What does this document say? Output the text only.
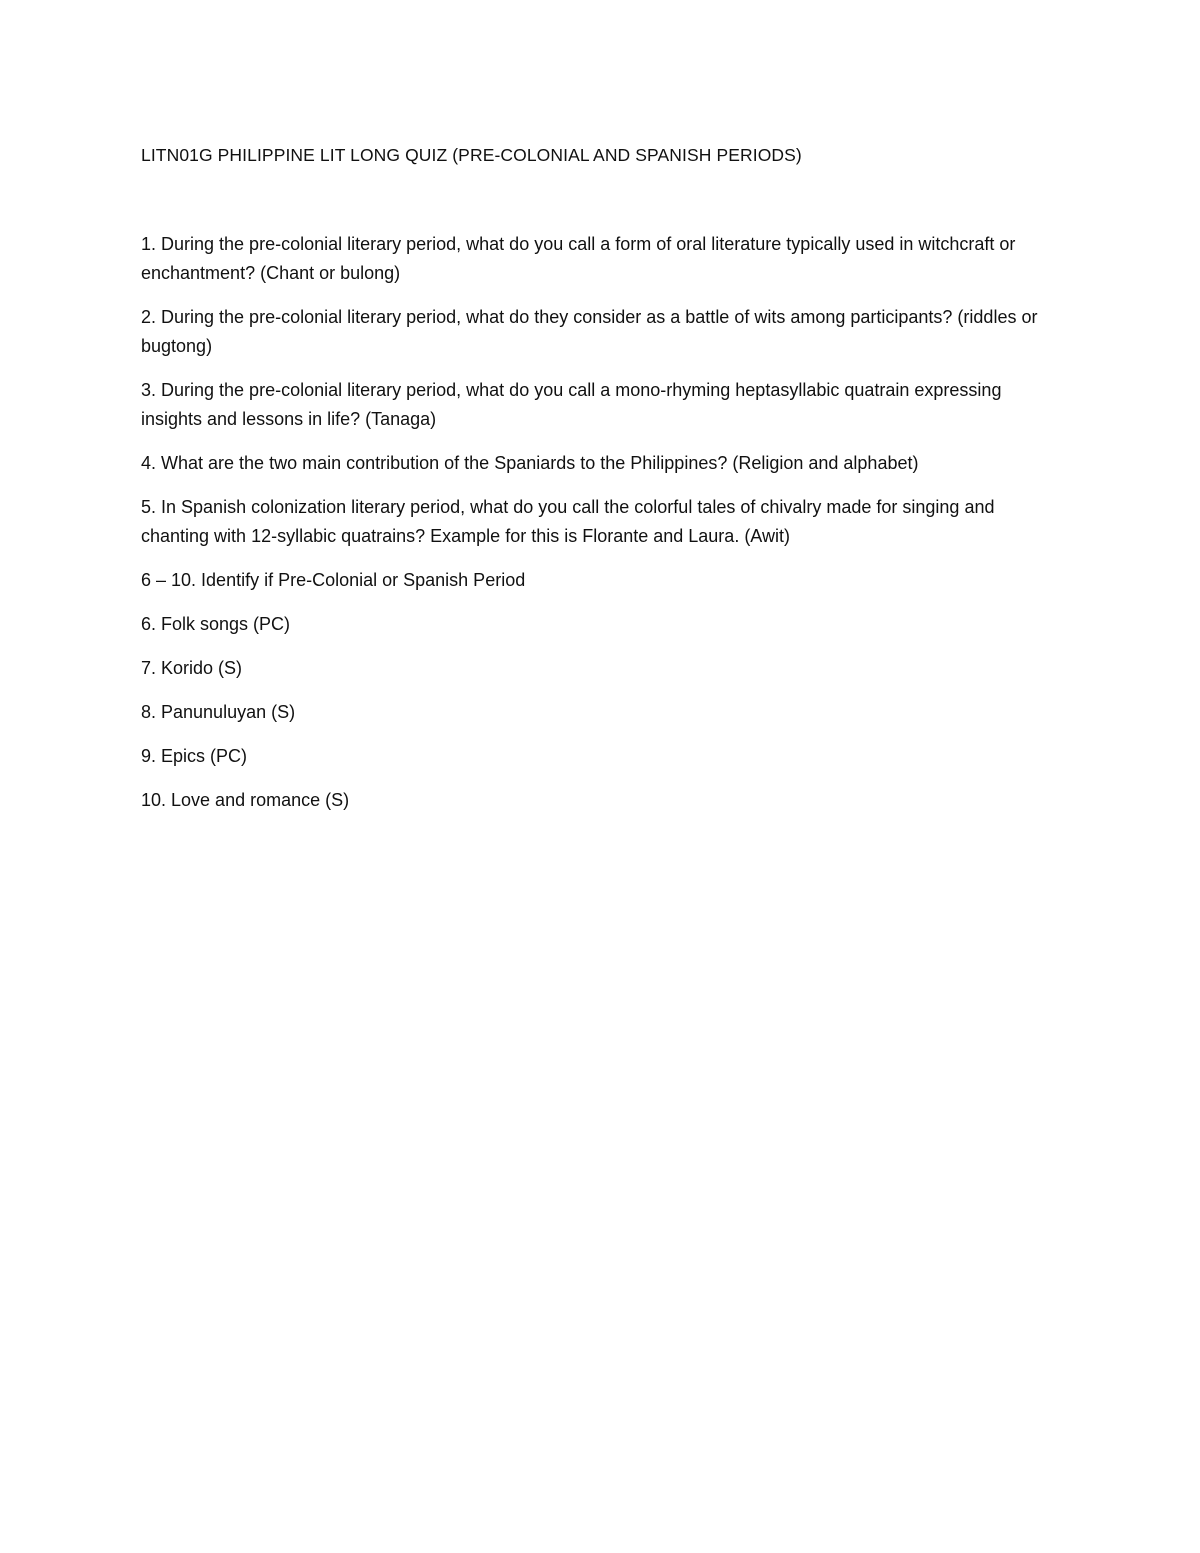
LITN01G PHILIPPINE LIT LONG QUIZ (PRE-COLONIAL AND SPANISH PERIODS)

1. During the pre-colonial literary period, what do you call a form of oral literature typically used in witchcraft or enchantment? (Chant or bulong)

2. During the pre-colonial literary period, what do they consider as a battle of wits among participants? (riddles or bugtong)

3. During the pre-colonial literary period, what do you call a mono-rhyming heptasyllabic quatrain expressing insights and lessons in life? (Tanaga)

4. What are the two main contribution of the Spaniards to the Philippines? (Religion and alphabet)

5. In Spanish colonization literary period, what do you call the colorful tales of chivalry made for singing and chanting with 12-syllabic quatrains? Example for this is Florante and Laura. (Awit)

6 – 10. Identify if Pre-Colonial or Spanish Period

6. Folk songs (PC)

7. Korido (S)

8. Panunuluyan (S)

9. Epics (PC)

10. Love and romance (S)
